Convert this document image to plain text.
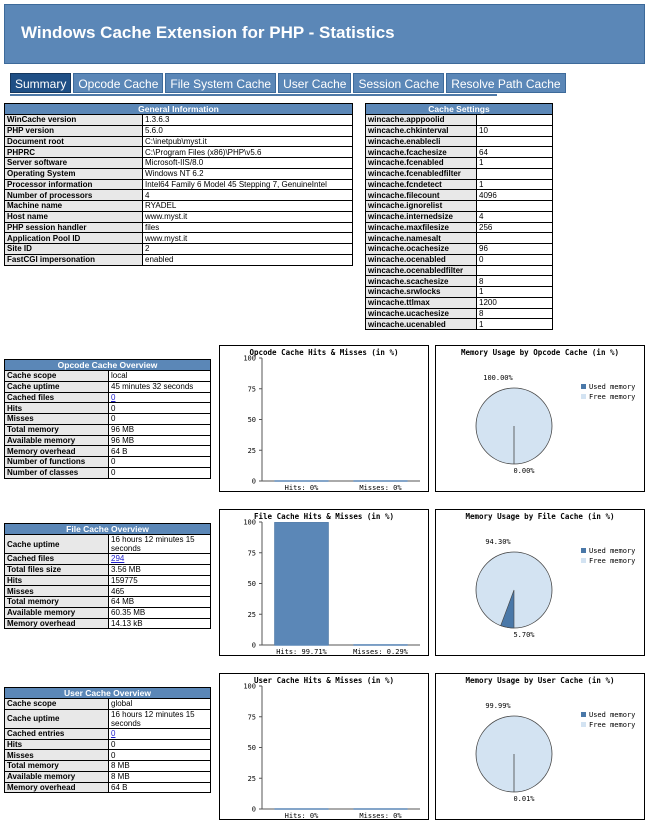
Windows Cache Extension for PHP - Statistics
Summary	Opcode Cache	File System Cache	User Cache	Session Cache	Resolve Path Cache
General Information	
WinCache version	1.3.6.3
PHP version	5.6.0
Document root	C:\inetpub\myst.it
PHPRC	C:\Program Files (x86)\PHP\v5.6
Server software	Microsoft-IIS/8.0
Operating System	Windows NT 6.2
Processor information	Intel64 Family 6 Model 45 Stepping 7, GenuineIntel
Number of processors	4
Machine name	RYADEL
Host name	www.myst.it
PHP session handler	files
Application Pool ID	www.myst.it
Site ID	2
FastCGI impersonation	enabled
Cache Settings	
wincache.apppoolid	
wincache.chkinterval	10
wincache.enablecli	
wincache.fcachesize	64
wincache.fcenabled	1
wincache.fcenabledfilter	
wincache.fcndetect	1
wincache.filecount	4096
wincache.ignorelist	
wincache.internedsize	4
wincache.maxfilesize	256
wincache.namesalt	
wincache.ocachesize	96
wincache.ocenabled	0
wincache.ocenabledfilter	
wincache.scachesize	8
wincache.srwlocks	1
wincache.ttlmax	1200
wincache.ucachesize	8
wincache.ucenabled	1
Opcode Cache Overview	
Cache scope	local
Cache uptime	45 minutes 32 seconds
Cached files	0
Hits	0
Misses	0
Total memory	96 MB
Available memory	96 MB
Memory overhead	64 B
Number of functions	0
Number of classes	0
File Cache Overview	
Cache uptime	16 hours 12 minutes 15 seconds
Cached files	294
Total files size	3.56 MB
Hits	159775
Misses	465
Total memory	64 MB
Available memory	60.35 MB
Memory overhead	14.13 kB
User Cache Overview	
Cache scope	global
Cache uptime	16 hours 12 minutes 15 seconds
Cached entries	0
Hits	0
Misses	0
Total memory	8 MB
Available memory	8 MB
Memory overhead	64 B
Opcode Cache Hits & Misses (in %)
0
25
50
75
100
Hits: 0%	Misses: 0%
Memory Usage by Opcode Cache (in %)
100.00%
0.00%
Used memory
Free memory
File Cache Hits & Misses (in %)
0
25
50
75
100
Hits: 99.71%	Misses: 0.29%
Memory Usage by File Cache (in %)
94.30%
5.70%
Used memory
Free memory
User Cache Hits & Misses (in %)
0
25
50
75
100
Hits: 0%	Misses: 0%
Memory Usage by User Cache (in %)
99.99%
0.01%
Used memory
Free memory
